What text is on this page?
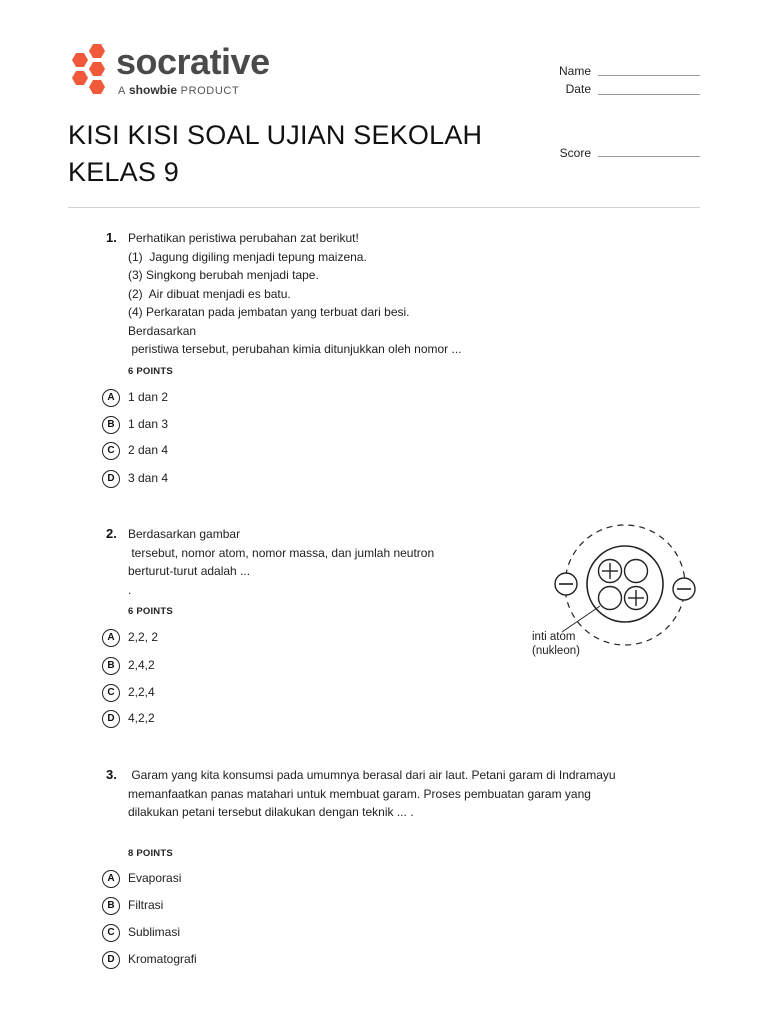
socrative
A showbie PRODUCT
Name
Date
Score
KISI KISI SOAL UJIAN SEKOLAH
KELAS 9
1. Perhatikan peristiwa perubahan zat berikut!
(1)  Jagung digiling menjadi tepung maizena.
(3) Singkong berubah menjadi tape.
(2)  Air dibuat menjadi es batu.
(4) Perkaratan pada jembatan yang terbuat dari besi.
Berdasarkan
peristiwa tersebut, perubahan kimia ditunjukkan oleh nomor ...
6 POINTS
A	1 dan 2
B	1 dan 3
C	2 dan 4
D	3 dan 4
2. Berdasarkan gambar
tersebut, nomor atom, nomor massa, dan jumlah neutron
berturut-turut adalah ...
.
6 POINTS
A	2,2, 2
B	2,4,2
C	2,2,4
D	4,2,2
inti atom
(nukleon)
3. Garam yang kita konsumsi pada umumnya berasal dari air laut. Petani garam di Indramayu
memanfaatkan panas matahari untuk membuat garam. Proses pembuatan garam yang
dilakukan petani tersebut dilakukan dengan teknik ... .
8 POINTS
A	Evaporasi
B	Filtrasi
C	Sublimasi
D	Kromatografi
